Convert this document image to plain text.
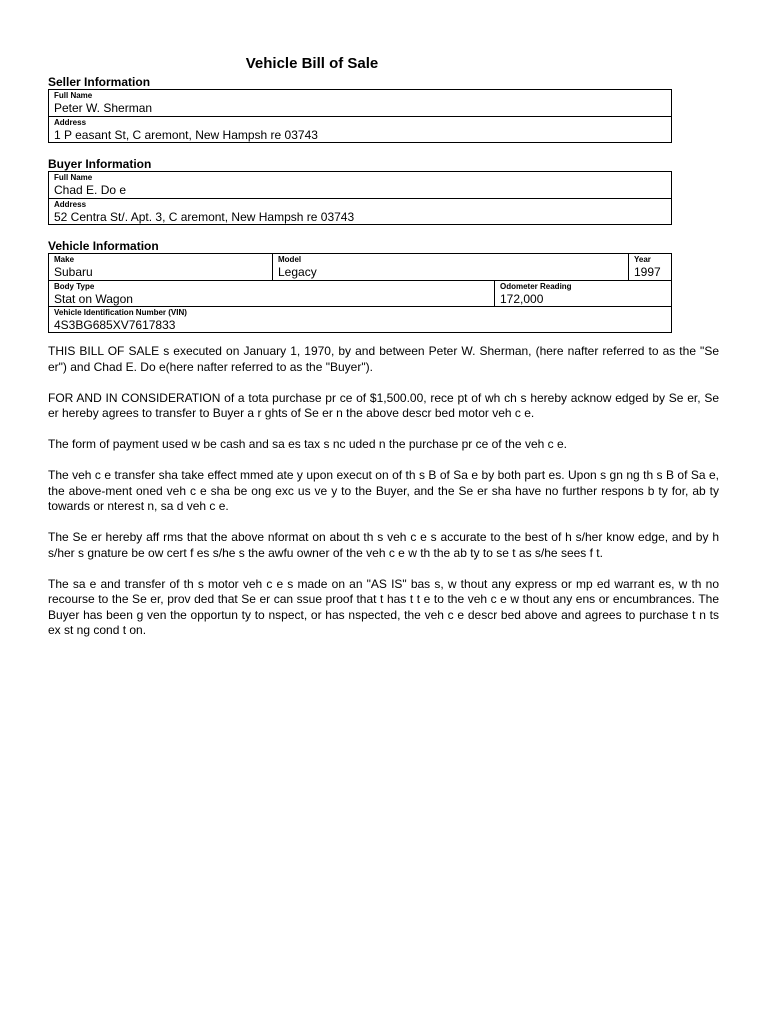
Vehicle Bill of Sale
Seller Information
Full Name
Peter W. Sherman
Address
1 P easant St, C aremont, New Hampsh re 03743
Buyer Information
Full Name
Chad E. Do e
Address
52 Centra St/. Apt. 3, C aremont, New Hampsh re 03743
Vehicle Information
Make
Subaru
Model
Legacy
Year
1997
Body Type
Stat on Wagon
Odometer Reading
172,000
Vehicle Identification Number (VIN)
4S3BG685XV7617833

THIS BILL OF SALE s executed on January 1, 1970, by and between Peter W. Sherman, (here nafter referred to as the "Se er") and Chad E. Do e(here nafter referred to as the "Buyer").

FOR AND IN CONSIDERATION of a tota purchase pr ce of $1,500.00, rece pt of wh ch s hereby acknow edged by Se er, Se er hereby agrees to transfer to Buyer a r ghts of Se er n the above descr bed motor veh c e.

The form of payment used w be cash and sa es tax s nc uded n the purchase pr ce of the veh c e.

The veh c e transfer sha take effect mmed ate y upon execut on of th s B of Sa e by both part es. Upon s gn ng th s B of Sa e, the above-ment oned veh c e sha be ong exc us ve y to the Buyer, and the Se er sha have no further respons b ty for, ab ty towards or nterest n, sa d veh c e.

The Se er hereby aff rms that the above nformat on about th s veh c e s accurate to the best of h s/her know edge, and by h s/her s gnature be ow cert f es s/he s the awfu owner of the veh c e w th the ab ty to se t as s/he sees f t.

The sa e and transfer of th s motor veh c e s made on an "AS IS" bas s, w thout any express or mp ed warrant es, w th no recourse to the Se er, prov ded that Se er can ssue proof that t has t t e to the veh c e w thout any ens or encumbrances. The Buyer has been g ven the opportun ty to nspect, or has nspected, the veh c e descr bed above and agrees to purchase t n ts ex st ng cond t on.
